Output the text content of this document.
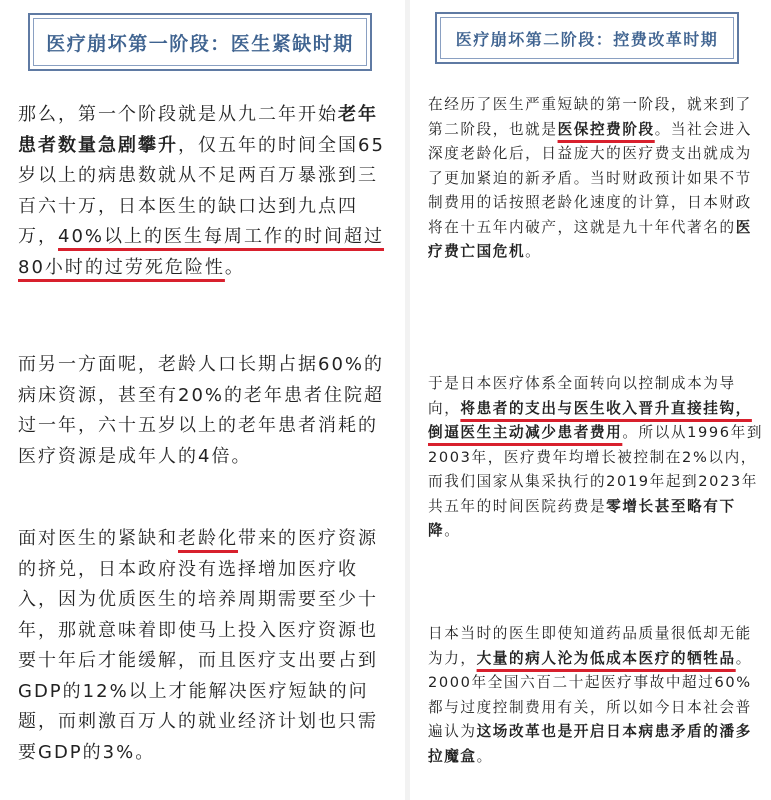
医疗崩坏第一阶段：医生紧缺时期

那么，第一个阶段就是从九二年开始老年患者数量急剧攀升，仅五年的时间全国65岁以上的病患数就从不足两百万暴涨到三百六十万，日本医生的缺口达到九点四万，40%以上的医生每周工作的时间超过80小时的过劳死危险性。

而另一方面呢，老龄人口长期占据60%的病床资源，甚至有20%的老年患者住院超过一年，六十五岁以上的老年患者消耗的医疗资源是成年人的4倍。

面对医生的紧缺和老龄化带来的医疗资源的挤兑，日本政府没有选择增加医疗收入，因为优质医生的培养周期需要至少十年，那就意味着即使马上投入医疗资源也要十年后才能缓解，而且医疗支出要占到GDP的12%以上才能解决医疗短缺的问题，而刺激百万人的就业经济计划也只需要GDP的3%。

医疗崩坏第二阶段：控费改革时期

在经历了医生严重短缺的第一阶段，就来到了第二阶段，也就是医保控费阶段。当社会进入深度老龄化后，日益庞大的医疗费支出就成为了更加紧迫的新矛盾。当时财政预计如果不节制费用的话按照老龄化速度的计算，日本财政将在十五年内破产，这就是九十年代著名的医疗费亡国危机。

于是日本医疗体系全面转向以控制成本为导向，将患者的支出与医生收入晋升直接挂钩，倒逼医生主动减少患者费用。所以从1996年到2003年，医疗费年均增长被控制在2%以内，而我们国家从集采执行的2019年起到2023年共五年的时间医院药费是零增长甚至略有下降。

日本当时的医生即使知道药品质量很低却无能为力，大量的病人沦为低成本医疗的牺牲品。2000年全国六百二十起医疗事故中超过60%都与过度控制费用有关，所以如今日本社会普遍认为这场改革也是开启日本病患矛盾的潘多拉魔盒。
